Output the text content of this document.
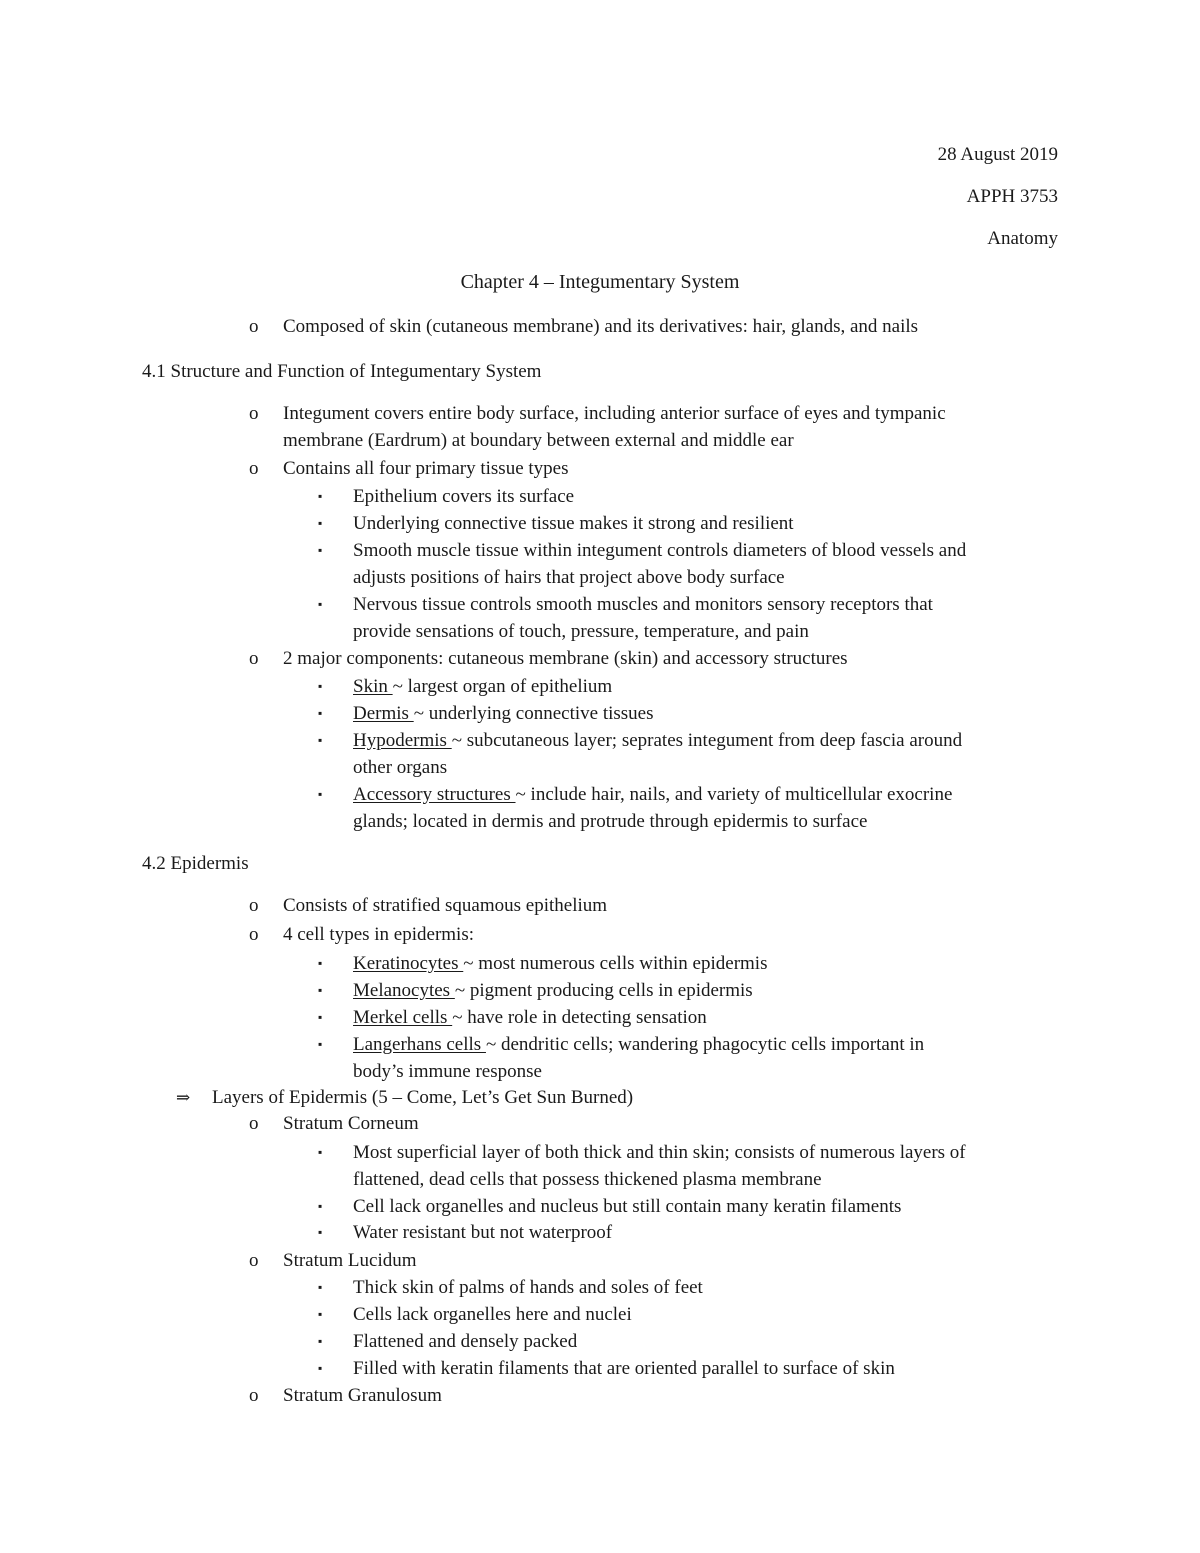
28 August 2019
APPH 3753
Anatomy
Chapter 4 – Integumentary System
o Composed of skin (cutaneous membrane) and its derivatives: hair, glands, and nails
4.1 Structure and Function of Integumentary System
o Integument covers entire body surface, including anterior surface of eyes and tympanic
membrane (Eardrum) at boundary between external and middle ear
o Contains all four primary tissue types
▪ Epithelium covers its surface
▪ Underlying connective tissue makes it strong and resilient
▪ Smooth muscle tissue within integument controls diameters of blood vessels and
adjusts positions of hairs that project above body surface
▪ Nervous tissue controls smooth muscles and monitors sensory receptors that
provide sensations of touch, pressure, temperature, and pain
o 2 major components: cutaneous membrane (skin) and accessory structures
▪ Skin ~ largest organ of epithelium
▪ Dermis ~ underlying connective tissues
▪ Hypodermis ~ subcutaneous layer; seprates integument from deep fascia around
other organs
▪ Accessory structures ~ include hair, nails, and variety of multicellular exocrine
glands; located in dermis and protrude through epidermis to surface
4.2 Epidermis
o Consists of stratified squamous epithelium
o 4 cell types in epidermis:
▪ Keratinocytes ~ most numerous cells within epidermis
▪ Melanocytes ~ pigment producing cells in epidermis
▪ Merkel cells ~ have role in detecting sensation
▪ Langerhans cells ~ dendritic cells; wandering phagocytic cells important in
body’s immune response
⇒ Layers of Epidermis (5 – Come, Let’s Get Sun Burned)
o Stratum Corneum
▪ Most superficial layer of both thick and thin skin; consists of numerous layers of
flattened, dead cells that possess thickened plasma membrane
▪ Cell lack organelles and nucleus but still contain many keratin filaments
▪ Water resistant but not waterproof
o Stratum Lucidum
▪ Thick skin of palms of hands and soles of feet
▪ Cells lack organelles here and nuclei
▪ Flattened and densely packed
▪ Filled with keratin filaments that are oriented parallel to surface of skin
o Stratum Granulosum
